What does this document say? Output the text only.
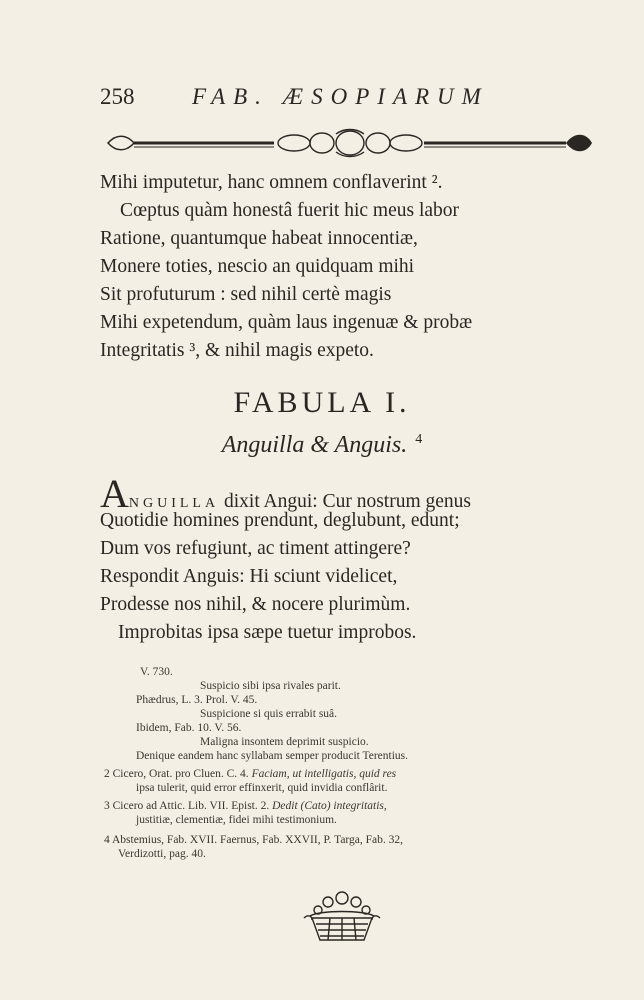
258	FAB. ÆSOPIARUM
Mihi imputetur, hanc omnem conflaverint ².
Cœptus quàm honestâ fuerit hic meus labor
Ratione, quantumque habeat innocentiæ,
Monere toties, nescio an quidquam mihi
Sit profuturum : sed nihil certè magis
Mihi expetendum, quàm laus ingenuæ & probæ
Integritatis ³, & nihil magis expeto.
FABULA I.
Anguilla & Anguis. $^4$
ANGUILLA dixit Angui: Cur nostrum genus
Quotidie homines prendunt, deglubunt, edunt;
Dum vos refugiunt, ac timent attingere?
Respondit Anguis: Hi sciunt videlicet,
Prodesse nos nihil, & nocere plurimùm.
Improbitas ipsa sæpe tuetur improbos.
V. 730.
Suspicio sibi ipsa rivales parit.
Phædrus, L. 3. Prol. V. 45.
Suspicione si quis errabit suâ.
Ibidem, Fab. 10. V. 56.
Maligna insontem deprimit suspicio.
Denique eandem hanc syllabam semper producit Terentius.
2 Cicero, Orat. pro Cluen. C. 4. Faciam, ut intelligatis, quid res
ipsa tulerit, quid error effinxerit, quid invidia conflârit.
3 Cicero ad Attic. Lib. VII. Epist. 2. Dedit (Cato) integritatis,
justitiæ, clementiæ, fidei mihi testimonium.
4 Abstemius, Fab. XVII. Faernus, Fab. XXVII, P. Targa, Fab. 32,
Verdizotti, pag. 40.
